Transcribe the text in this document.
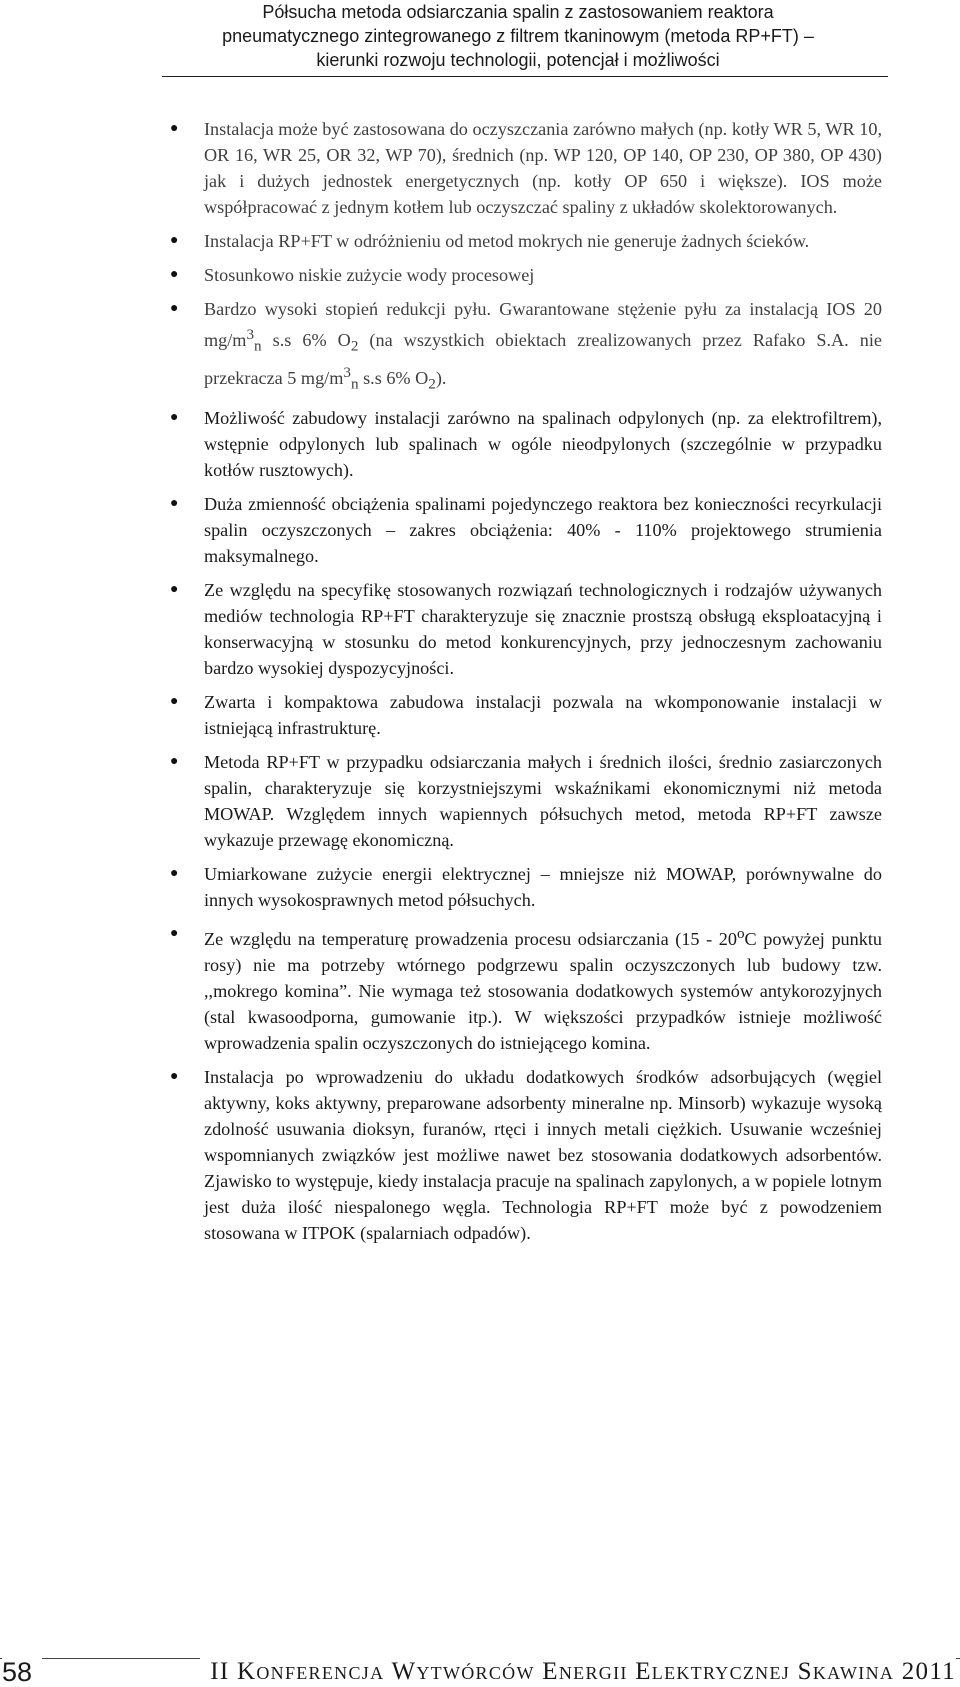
Półsucha metoda odsiarczania spalin z zastosowaniem reaktora
pneumatycznego zintegrowanego z filtrem tkaninowym (metoda RP+FT) –
kierunki rozwoju technologii, potencjał i możliwości
● Instalacja może być zastosowana do oczyszczania zarówno małych (np. kotły WR 5, WR 10, OR 16, WR 25, OR 32, WP 70), średnich (np. WP 120, OP 140, OP 230, OP 380, OP 430) jak i dużych jednostek energetycznych (np. kotły OP 650 i większe). IOS może współpracować z jednym kotłem lub oczyszczać spaliny z układów skolektorowanych.
● Instalacja RP+FT w odróżnieniu od metod mokrych nie generuje żadnych ścieków.
● Stosunkowo niskie zużycie wody procesowej
● Bardzo wysoki stopień redukcji pyłu. Gwarantowane stężenie pyłu za instalacją IOS 20 $mg/m^3_n$ s.s 6% $O_2$ (na wszystkich obiektach zrealizowanych przez Rafako S.A. nie przekracza 5 $mg/m^3_n$ s.s 6% $O_2$).
● Możliwość zabudowy instalacji zarówno na spalinach odpylonych (np. za elektrofiltrem), wstępnie odpylonych lub spalinach w ogóle nieodpylonych (szczególnie w przypadku kotłów rusztowych).
● Duża zmienność obciążenia spalinami pojedynczego reaktora bez konieczności recyrkulacji spalin oczyszczonych – zakres obciążenia: 40% - 110% projektowego strumienia maksymalnego.
● Ze względu na specyfikę stosowanych rozwiązań technologicznych i rodzajów używanych mediów technologia RP+FT charakteryzuje się znacznie prostszą obsługą eksploatacyjną i konserwacyjną w stosunku do metod konkurencyjnych, przy jednoczesnym zachowaniu bardzo wysokiej dyspozycyjności.
● Zwarta i kompaktowa zabudowa instalacji pozwala na wkomponowanie instalacji w istniejącą infrastrukturę.
● Metoda RP+FT w przypadku odsiarczania małych i średnich ilości, średnio zasiarczonych spalin, charakteryzuje się korzystniejszymi wskaźnikami ekonomicznymi niż metoda MOWAP. Względem innych wapiennych półsuchych metod, metoda RP+FT zawsze wykazuje przewagę ekonomiczną.
● Umiarkowane zużycie energii elektrycznej – mniejsze niż MOWAP, porównywalne do innych wysokosprawnych metod półsuchych.
● Ze względu na temperaturę prowadzenia procesu odsiarczania (15 - 20$^o$C powyżej punktu rosy) nie ma potrzeby wtórnego podgrzewu spalin oczyszczonych lub budowy tzw. ,,mokrego komina”. Nie wymaga też stosowania dodatkowych systemów antykorozyjnych (stal kwasoodporna, gumowanie itp.). W większości przypadków istnieje możliwość wprowadzenia spalin oczyszczonych do istniejącego komina.
● Instalacja po wprowadzeniu do układu dodatkowych środków adsorbujących (węgiel aktywny, koks aktywny, preparowane adsorbenty mineralne np. Minsorb) wykazuje wysoką zdolność usuwania dioksyn, furanów, rtęci i innych metali ciężkich. Usuwanie wcześniej wspomnianych związków jest możliwe nawet bez stosowania dodatkowych adsorbentów. Zjawisko to występuje, kiedy instalacja pracuje na spalinach zapylonych, a w popiele lotnym jest duża ilość niespalonego węgla. Technologia RP+FT może być z powodzeniem stosowana w ITPOK (spalarniach odpadów).
58	II Konferencja Wytwórców Energii Elektrycznej Skawina 2011
